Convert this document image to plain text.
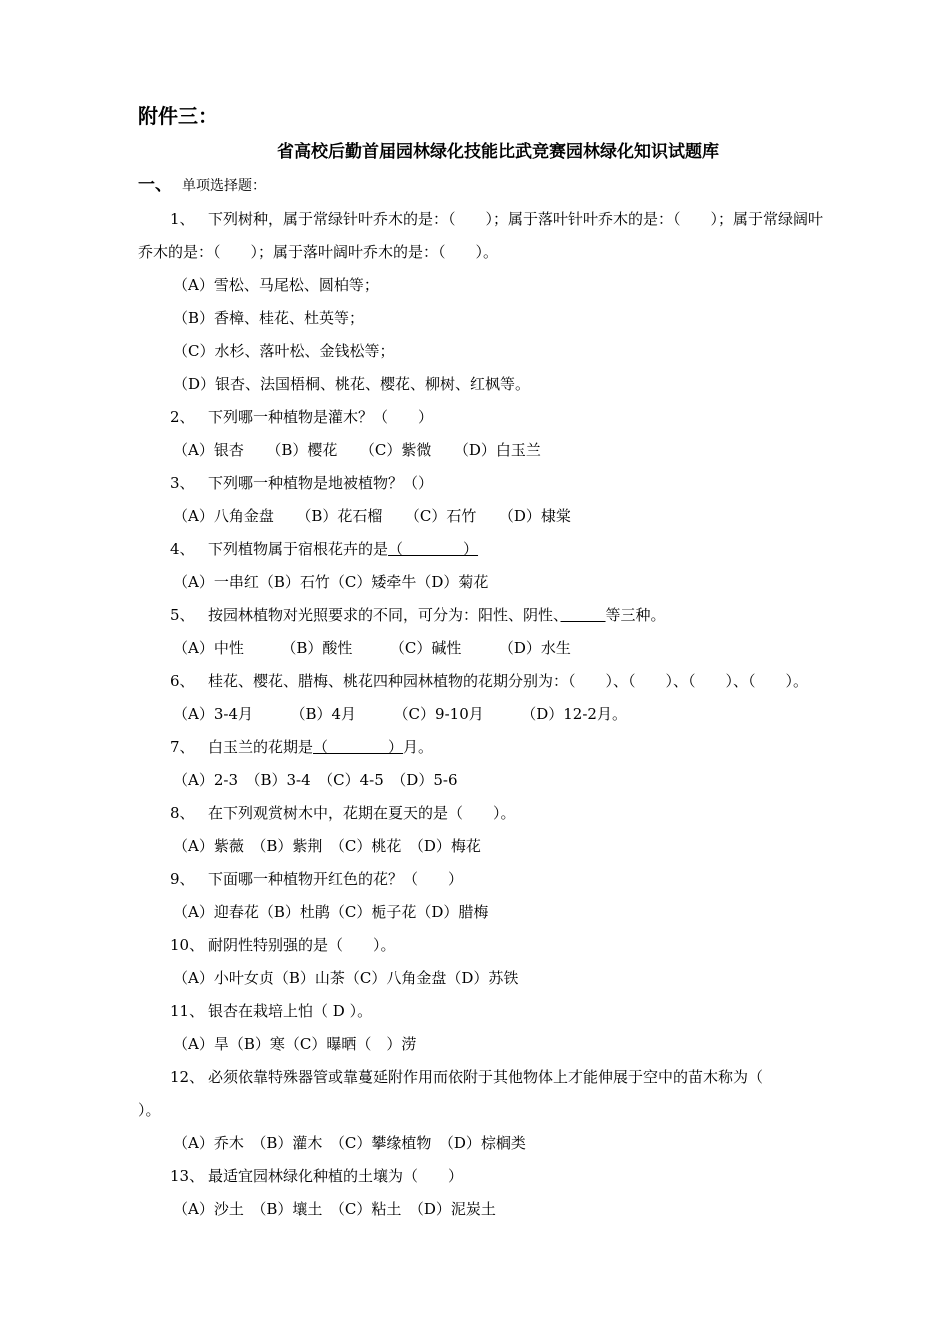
附件三：
省高校后勤首届园林绿化技能比武竞赛园林绿化知识试题库
一、 单项选择题：
1、 下列树种，属于常绿针叶乔木的是：（　　）；属于落叶针叶乔木的是：（　　）；属于常绿阔叶
乔木的是：（　　）；属于落叶阔叶乔木的是：（　　）。
（A）雪松、马尾松、圆柏等；
（B）香樟、桂花、杜英等；
（C）水杉、落叶松、金钱松等；
（D）银杏、法国梧桐、桃花、樱花、柳树、红枫等。
2、 下列哪一种植物是灌木？（　　）
（A）银杏　　（B）樱花　　（C）紫微　　（D）白玉兰
3、 下列哪一种植物是地被植物？（）
（A）八角金盘　　（B）花石榴　　（C）石竹　　（D）棣棠
4、 下列植物属于宿根花卉的是（　　　　）
（A）一串红（B）石竹（C）矮牵牛（D）菊花
5、 按园林植物对光照要求的不同，可分为：阳性、阴性、　　　	等三种。
（A）中性　　　（B）酸性　　　（C）碱性　　　（D）水生
6、 桂花、樱花、腊梅、桃花四种园林植物的花期分别为：（　　）、（　　）、（　　）、（　　）。
（A）3-4月　　　（B）4月　　　（C）9-10月　　　（D）12-2月。
7、 白玉兰的花期是（　　　　）月。
（A）2-3　（B）3-4　（C）4-5　（D）5-6
8、 在下列观赏树木中，花期在夏天的是（　　）。
（A）紫薇　（B）紫荆　（C）桃花　（D）梅花
9、 下面哪一种植物开红色的花？（　　）
（A）迎春花（B）杜鹃（C）栀子花（D）腊梅
10、 耐阴性特别强的是（　　）。
（A）小叶女贞（B）山茶（C）八角金盘（D）苏铁
11、 银杏在栽培上怕（ D ）。
（A）旱（B）寒（C）曝晒（　）涝
12、 必须依靠特殊器管或靠蔓延附作用而依附于其他物体上才能伸展于空中的苗木称为（
）。
（A）乔木　（B）灌木　（C）攀缘植物　（D）棕榈类
13、 最适宜园林绿化种植的土壤为（　　）
（A）沙土　（B）壤土　（C）粘土　（D）泥炭土
